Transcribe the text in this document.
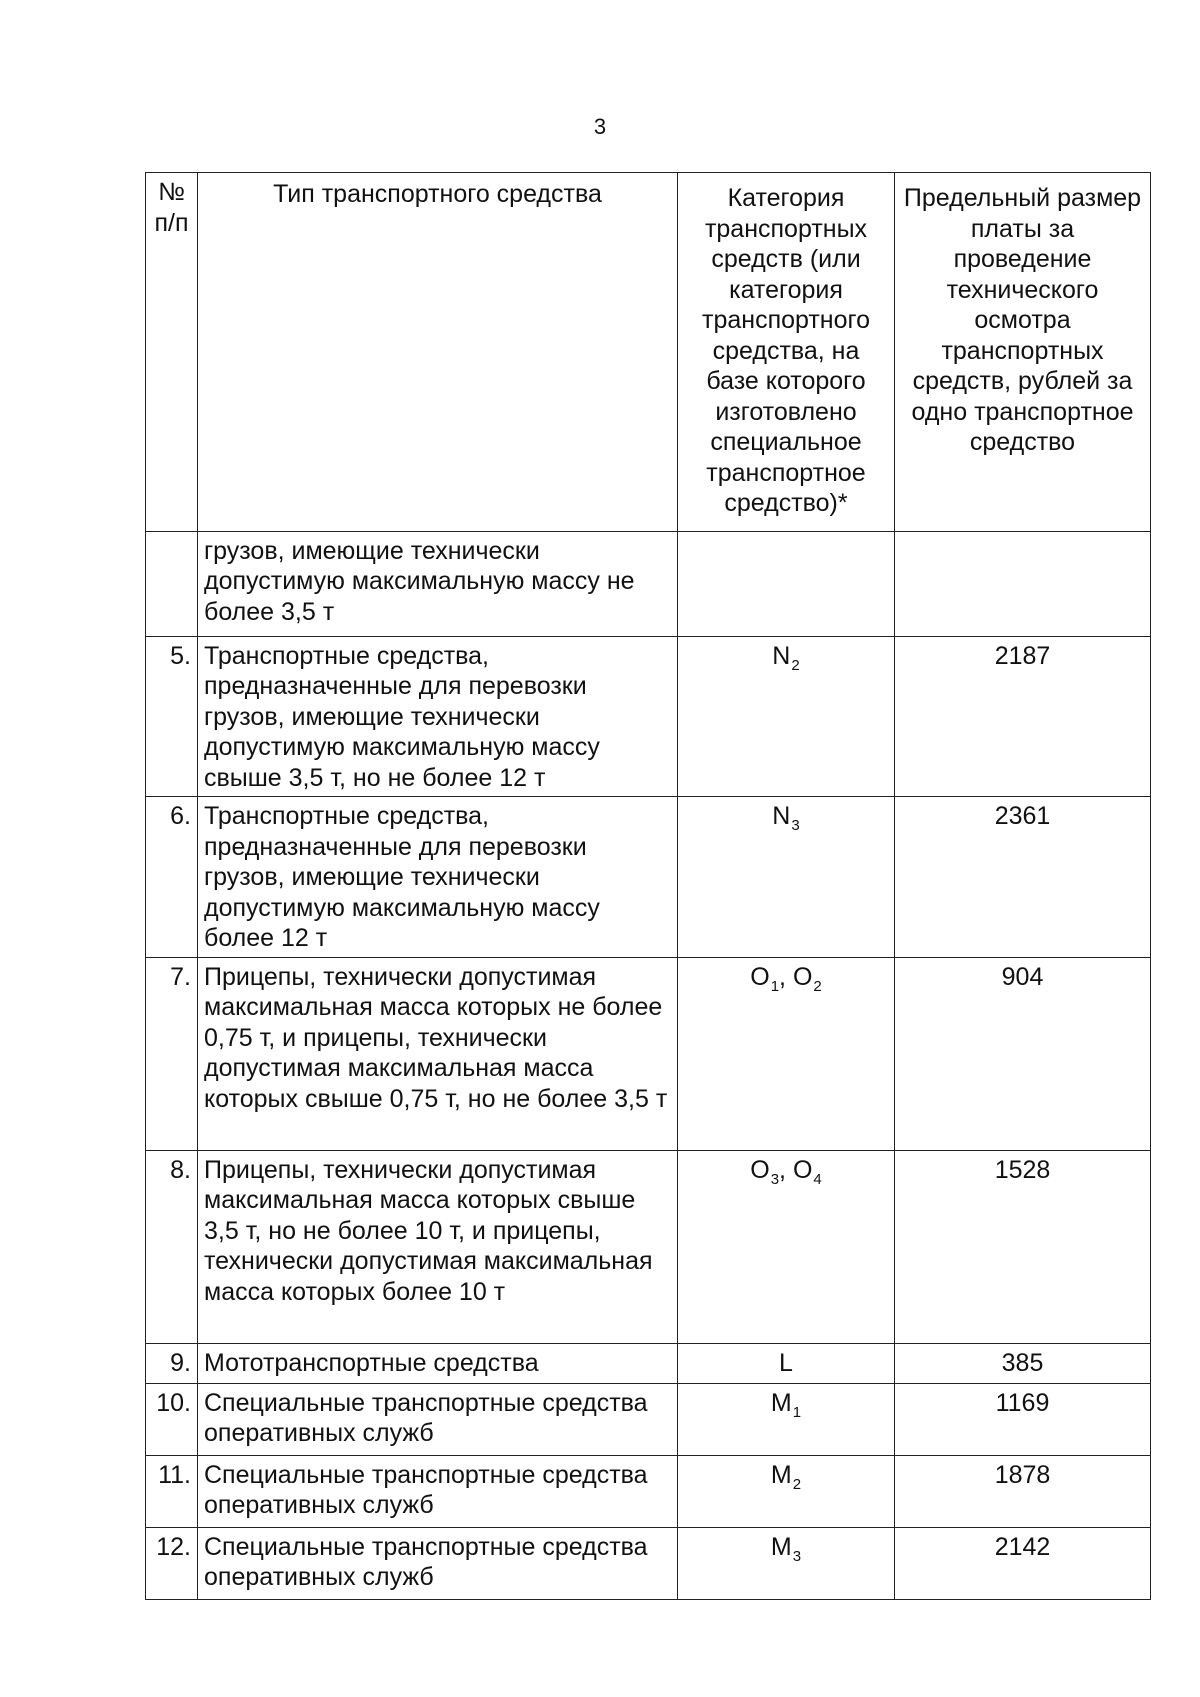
3
№ п/п	Тип транспортного средства	Категория транспортных средств (или категория транспортного средства, на базе которого изготовлено специальное транспортное средство)*	Предельный размер платы за проведение технического осмотра транспортных средств, рублей за одно транспортное средство
	грузов, имеющие технически допустимую максимальную массу не более 3,5 т		
5.	Транспортные средства, предназначенные для перевозки грузов, имеющие технически допустимую максимальную массу свыше 3,5 т, но не более 12 т	$N_2$	2187
6.	Транспортные средства, предназначенные для перевозки грузов, имеющие технически допустимую максимальную массу более 12 т	$N_3$	2361
7.	Прицепы, технически допустимая максимальная масса которых не более 0,75 т, и прицепы, технически допустимая максимальная масса которых свыше 0,75 т, но не более 3,5 т	$O_1$, $O_2$	904
8.	Прицепы, технически допустимая максимальная масса которых свыше 3,5 т, но не более 10 т, и прицепы, технически допустимая максимальная масса которых более 10 т	$O_3$, $O_4$	1528
9.	Мототранспортные средства	L	385
10.	Специальные транспортные средства оперативных служб	$M_1$	1169
11.	Специальные транспортные средства оперативных служб	$M_2$	1878
12.	Специальные транспортные средства оперативных служб	$M_3$	2142
